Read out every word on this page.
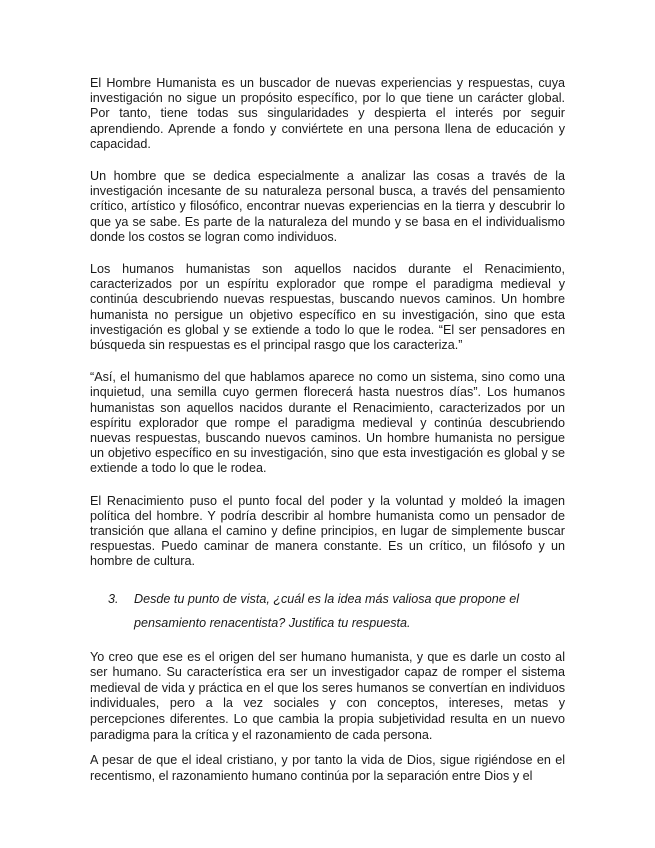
El Hombre Humanista es un buscador de nuevas experiencias y respuestas, cuya investigación no sigue un propósito específico, por lo que tiene un carácter global. Por tanto, tiene todas sus singularidades y despierta el interés por seguir aprendiendo. Aprende a fondo y conviértete en una persona llena de educación y capacidad.

Un hombre que se dedica especialmente a analizar las cosas a través de la investigación incesante de su naturaleza personal busca, a través del pensamiento crítico, artístico y filosófico, encontrar nuevas experiencias en la tierra y descubrir lo que ya se sabe. Es parte de la naturaleza del mundo y se basa en el individualismo donde los costos se logran como individuos.

Los humanos humanistas son aquellos nacidos durante el Renacimiento, caracterizados por un espíritu explorador que rompe el paradigma medieval y continúa descubriendo nuevas respuestas, buscando nuevos caminos. Un hombre humanista no persigue un objetivo específico en su investigación, sino que esta investigación es global y se extiende a todo lo que le rodea. “El ser pensadores en búsqueda sin respuestas es el principal rasgo que los caracteriza.”

“Así, el humanismo del que hablamos aparece no como un sistema, sino como una inquietud, una semilla cuyo germen florecerá hasta nuestros días”. Los humanos humanistas son aquellos nacidos durante el Renacimiento, caracterizados por un espíritu explorador que rompe el paradigma medieval y continúa descubriendo nuevas respuestas, buscando nuevos caminos. Un hombre humanista no persigue un objetivo específico en su investigación, sino que esta investigación es global y se extiende a todo lo que le rodea.

El Renacimiento puso el punto focal del poder y la voluntad y moldeó la imagen política del hombre. Y podría describir al hombre humanista como un pensador de transición que allana el camino y define principios, en lugar de simplemente buscar respuestas. Puedo caminar de manera constante. Es un crítico, un filósofo y un hombre de cultura.

3.	Desde tu punto de vista, ¿cuál es la idea más valiosa que propone el pensamiento renacentista? Justifica tu respuesta.

Yo creo que ese es el origen del ser humano humanista, y que es darle un costo al ser humano. Su característica era ser un investigador capaz de romper el sistema medieval de vida y práctica en el que los seres humanos se convertían en individuos individuales, pero a la vez sociales y con conceptos, intereses, metas y percepciones diferentes. Lo que cambia la propia subjetividad resulta en un nuevo paradigma para la crítica y el razonamiento de cada persona.

A pesar de que el ideal cristiano, y por tanto la vida de Dios, sigue rigiéndose en el recentismo, el razonamiento humano continúa por la separación entre Dios y el
